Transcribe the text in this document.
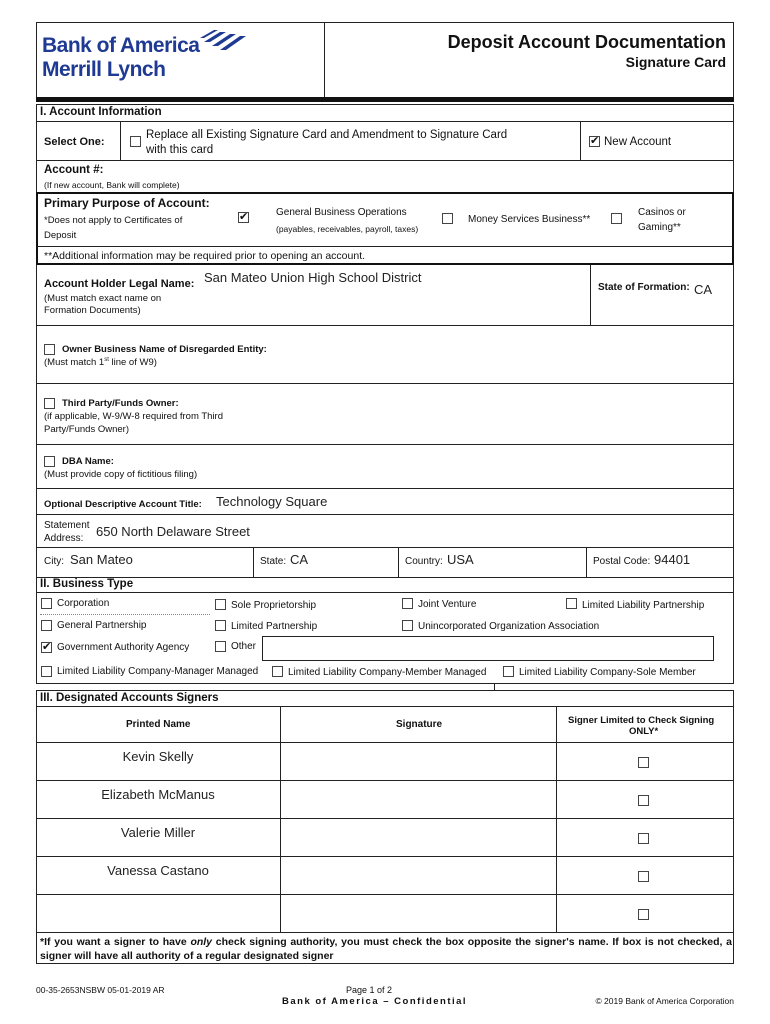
Bank of America
Merrill Lynch
Deposit Account Documentation
Signature Card
I. Account Information
Select One:
Replace all Existing Signature Card and Amendment to Signature Card
with this card
✔
New Account
Account #:
(If new account, Bank will complete)
Primary Purpose of Account:
*Does not apply to Certificates of
Deposit
✔
General Business Operations
(payables, receivables, payroll, taxes)
Money Services Business**
Casinos or
Gaming**
**Additional information may be required prior to opening an account.
Account Holder Legal Name:
(Must match exact name on
Formation Documents)
San Mateo Union High School District
State of Formation: CA
Owner Business Name of Disregarded Entity:
(Must match 1st line of W9)
Third Party/Funds Owner:
(if applicable, W-9/W-8 required from Third
Party/Funds Owner)
DBA Name:
(Must provide copy of fictitious filing)
Optional Descriptive Account Title: Technology Square
Statement
Address: 650 North Delaware Street
City: San Mateo	State: CA	Country: USA	Postal Code: 94401
II. Business Type
Corporation	Sole Proprietorship	Joint Venture	Limited Liability Partnership
General Partnership	Limited Partnership	Unincorporated Organization Association
✔
Government Authority Agency	Other
Limited Liability Company-Manager Managed	Limited Liability Company-Member Managed	Limited Liability Company-Sole Member
III. Designated Accounts Signers
Printed Name	Signature	Signer Limited to Check Signing
ONLY*
Kevin Skelly
Elizabeth McManus
Valerie Miller
Vanessa Castano
*If you want a signer to have only check signing authority, you must check the box opposite the signer's name. If box is not checked, a signer will have all authority of a regular designated signer
00-35-2653NSBW 05-01-2019 AR	Page 1 of 2
Bank of America – Confidential	© 2019 Bank of America Corporation
